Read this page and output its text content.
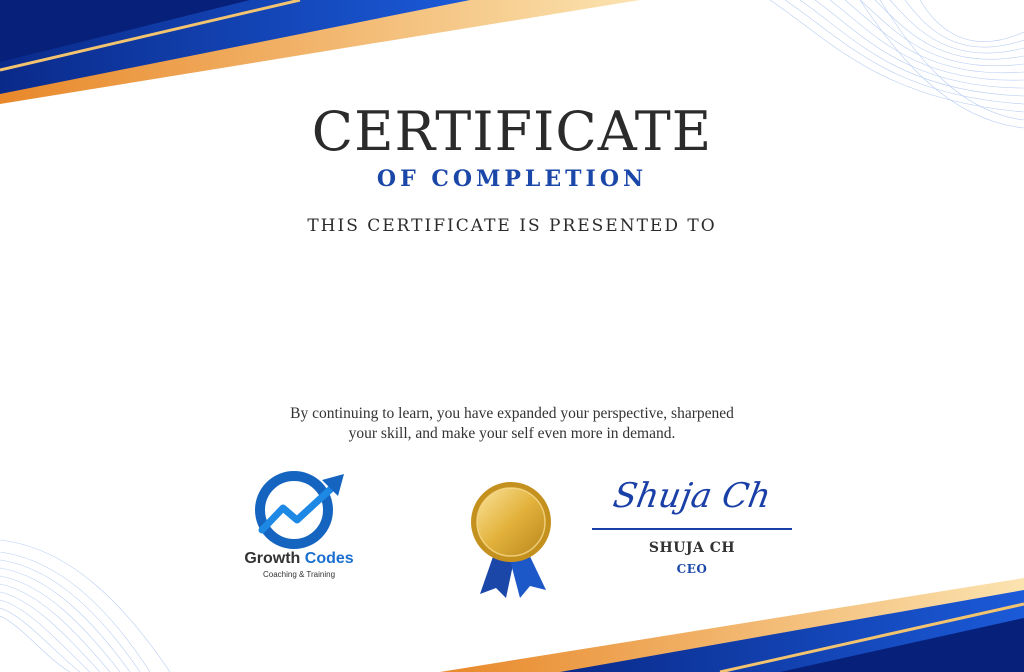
CERTIFICATE
OF COMPLETION
THIS CERTIFICATE IS PRESENTED TO
By continuing to learn, you have expanded your perspective, sharpened
your skill, and make your self even more in demand.
Growth Codes
Coaching & Training
Shuja Ch
SHUJA CH
CEO
